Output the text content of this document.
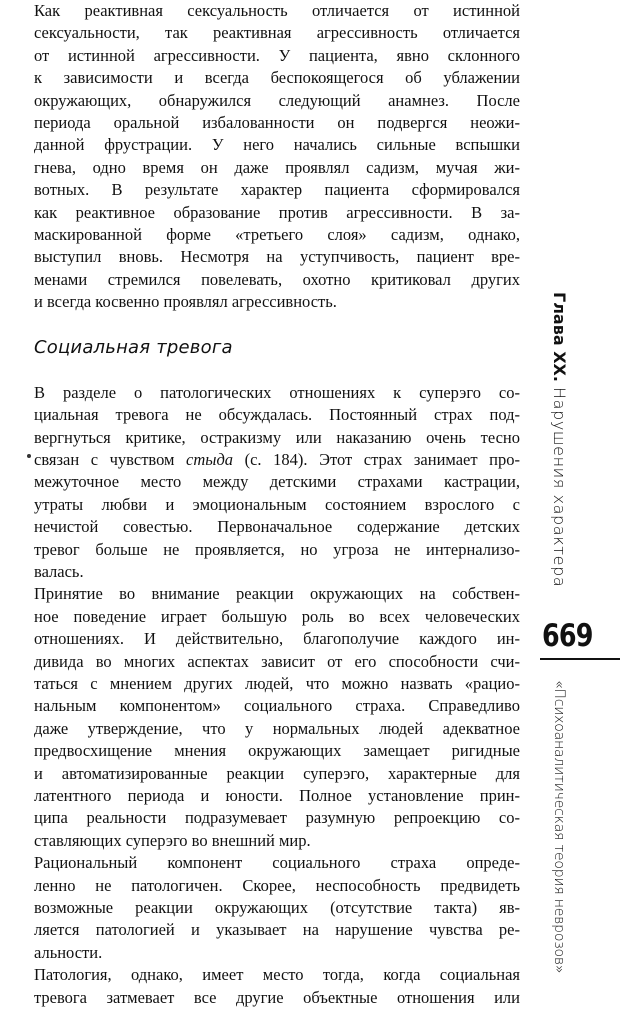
Как реактивная сексуальность отличается от истинной
сексуальности, так реактивная агрессивность отличается
от истинной агрессивности. У пациента, явно склонного
к зависимости и всегда беспокоящегося об ублажении
окружающих, обнаружился следующий анамнез. После
периода оральной избалованности он подвергся неожи-
данной фрустрации. У него начались сильные вспышки
гнева, одно время он даже проявлял садизм, мучая жи-
вотных. В результате характер пациента сформировался
как реактивное образование против агрессивности. В за-
маскированной форме «третьего слоя» садизм, однако,
выступил вновь. Несмотря на уступчивость, пациент вре-
менами стремился повелевать, охотно критиковал других
и всегда косвенно проявлял агрессивность.

Социальная тревога

В разделе о патологических отношениях к суперэго со-
циальная тревога не обсуждалась. Постоянный страх под-
вергнуться критике, остракизму или наказанию очень тесно
связан с чувством стыда (с. 184). Этот страх занимает про-
межуточное место между детскими страхами кастрации,
утраты любви и эмоциональным состоянием взрослого с
нечистой совестью. Первоначальное содержание детских
тревог больше не проявляется, но угроза не интернализо-
валась.

Принятие во внимание реакции окружающих на собствен-
ное поведение играет большую роль во всех человеческих
отношениях. И действительно, благополучие каждого ин-
дивида во многих аспектах зависит от его способности счи-
таться с мнением других людей, что можно назвать «рацио-
нальным компонентом» социального страха. Справедливо
даже утверждение, что у нормальных людей адекватное
предвосхищение мнения окружающих замещает ригидные
и автоматизированные реакции суперэго, характерные для
латентного периода и юности. Полное установление прин-
ципа реальности подразумевает разумную репроекцию со-
ставляющих суперэго во внешний мир.

Рациональный компонент социального страха опреде-
ленно не патологичен. Скорее, неспособность предвидеть
возможные реакции окружающих (отсутствие такта) яв-
ляется патологией и указывает на нарушение чувства ре-
альности.

Патология, однако, имеет место тогда, когда социальная
тревога затмевает все другие объектные отношения или

Глава XX. Нарушения характера
669
«Психоаналитическая теория неврозов»
